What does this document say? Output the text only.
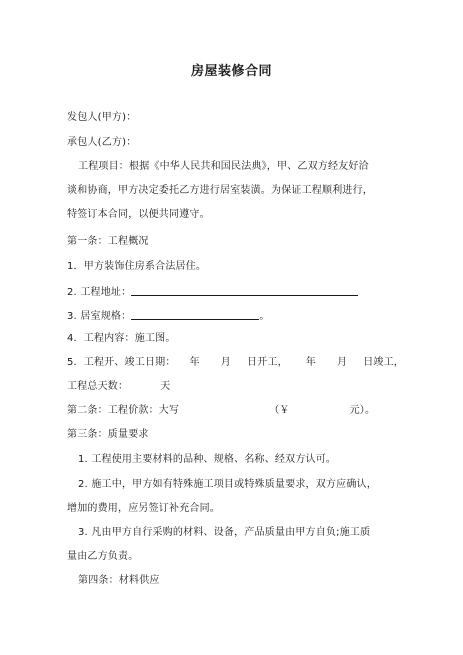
房屋装修合同
发包人(甲方)：
承包人(乙方)：
工程项目：根据《中华人民共和国民法典》，甲、乙双方经友好洽
谈和协商，甲方决定委托乙方进行居室装潢。为保证工程顺利进行，
特签订本合同，以便共同遵守。
第一条：工程概况
1．甲方装饰住房系合法居住。
2. 工程地址：
3. 居室规格：	。
4．工程内容：施工图。
5．工程开、竣工日期： 年 月 日开工， 年 月 日竣工，
工程总天数：	天
第二条：工程价款：大写	（￥	元）。
第三条：质量要求
1. 工程使用主要材料的品种、规格、名称、经双方认可。
2. 施工中，甲方如有特殊施工项目或特殊质量要求，双方应确认，
增加的费用，应另签订补充合同。
3. 凡由甲方自行采购的材料、设备，产品质量由甲方自负;施工质
量由乙方负责。
第四条：材料供应
